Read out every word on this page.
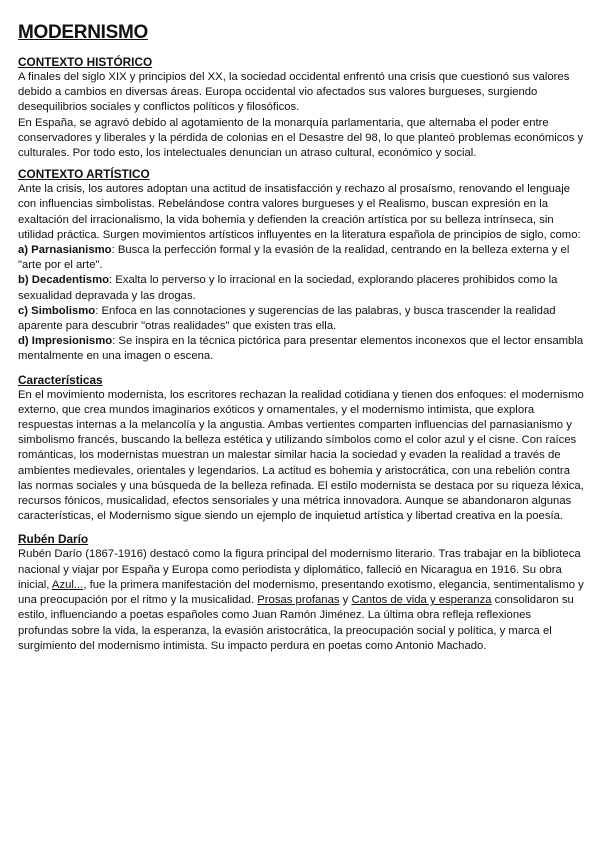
MODERNISMO
CONTEXTO HISTÓRICO

A finales del siglo XIX y principios del XX, la sociedad occidental enfrentó una crisis que cuestionó sus valores debido a cambios en diversas áreas. Europa occidental vio afectados sus valores burgueses, surgiendo desequilibrios sociales y conflictos políticos y filosóficos.

En España, se agravó debido al agotamiento de la monarquía parlamentaria, que alternaba el poder entre conservadores y liberales y la pérdida de colonias en el Desastre del 98, lo que planteó problemas económicos y culturales. Por todo esto, los intelectuales denuncian un atraso cultural, económico y social.

CONTEXTO ARTÍSTICO

Ante la crisis, los autores adoptan una actitud de insatisfacción y rechazo al prosaísmo, renovando el lenguaje con influencias simbolistas. Rebelándose contra valores burgueses y el Realismo, buscan expresión en la exaltación del irracionalismo, la vida bohemia y defienden la creación artística por su belleza intrínseca, sin utilidad práctica. Surgen movimientos artísticos influyentes en la literatura española de principios de siglo, como:

a) Parnasianismo: Busca la perfección formal y la evasión de la realidad, centrando en la belleza externa y el "arte por el arte".

b) Decadentismo: Exalta lo perverso y lo irracional en la sociedad, explorando placeres prohibidos como la sexualidad depravada y las drogas.

c) Simbolismo: Enfoca en las connotaciones y sugerencias de las palabras, y busca trascender la realidad aparente para descubrir "otras realidades" que existen tras ella.

d) Impresionismo: Se inspira en la técnica pictórica para presentar elementos inconexos que el lector ensambla mentalmente en una imagen o escena.

Características

En el movimiento modernista, los escritores rechazan la realidad cotidiana y tienen dos enfoques: el modernismo externo, que crea mundos imaginarios exóticos y ornamentales, y el modernismo intimista, que explora respuestas internas a la melancolía y la angustia. Ambas vertientes comparten influencias del parnasianismo y simbolismo francés, buscando la belleza estética y utilizando símbolos como el color azul y el cisne. Con raíces románticas, los modernistas muestran un malestar similar hacia la sociedad y evaden la realidad a través de ambientes medievales, orientales y legendarios. La actitud es bohemia y aristocrática, con una rebelión contra las normas sociales y una búsqueda de la belleza refinada. El estilo modernista se destaca por su riqueza léxica, recursos fónicos, musicalidad, efectos sensoriales y una métrica innovadora. Aunque se abandonaron algunas características, el Modernismo sigue siendo un ejemplo de inquietud artística y libertad creativa en la poesía.

Rubén Darío

Rubén Darío (1867-1916) destacó como la figura principal del modernismo literario. Tras trabajar en la biblioteca nacional y viajar por España y Europa como periodista y diplomático, falleció en Nicaragua en 1916. Su obra inicial, Azul..., fue la primera manifestación del modernismo, presentando exotismo, elegancia, sentimentalismo y una preocupación por el ritmo y la musicalidad. Prosas profanas y Cantos de vida y esperanza consolidaron su estilo, influenciando a poetas españoles como Juan Ramón Jiménez. La última obra refleja reflexiones profundas sobre la vida, la esperanza, la evasión aristocrática, la preocupación social y política, y marca el surgimiento del modernismo intimista. Su impacto perdura en poetas como Antonio Machado.
